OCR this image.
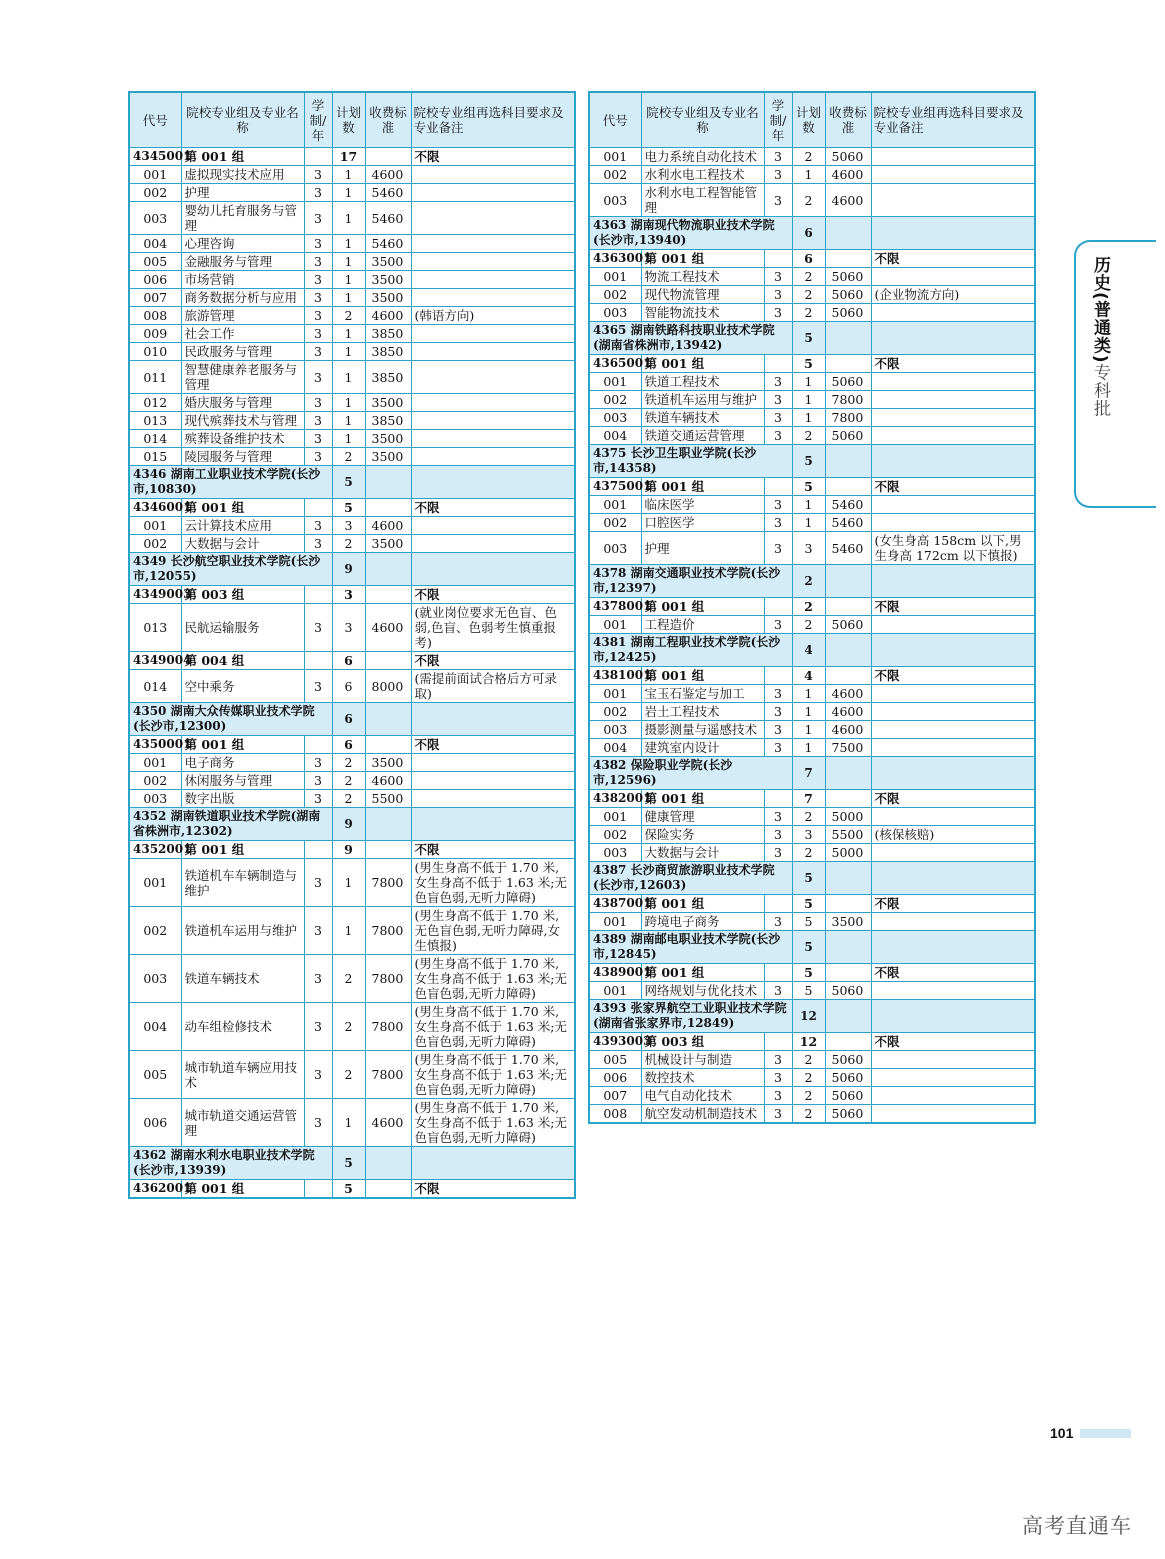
代号	院校专业组及专业名称	学制/年	计划数	收费标准	院校专业组再选科目要求及专业备注
4345001	第 001 组		17		不限
001	虚拟现实技术应用	3	1	4600	
002	护理	3	1	5460	
003	婴幼儿托育服务与管理	3	1	5460	
004	心理咨询	3	1	5460	
005	金融服务与管理	3	1	3500	
006	市场营销	3	1	3500	
007	商务数据分析与应用	3	1	3500	
008	旅游管理	3	2	4600	(韩语方向)
009	社会工作	3	1	3850	
010	民政服务与管理	3	1	3850	
011	智慧健康养老服务与管理	3	1	3850	
012	婚庆服务与管理	3	1	3500	
013	现代殡葬技术与管理	3	1	3850	
014	殡葬设备维护技术	3	1	3500	
015	陵园服务与管理	3	2	3500	
4346 湖南工业职业技术学院(长沙市,10830)			5		
4346001	第 001 组		5		不限
001	云计算技术应用	3	3	4600	
002	大数据与会计	3	2	3500	
4349 长沙航空职业技术学院(长沙市,12055)			9		
4349003	第 003 组		3		不限
013	民航运输服务	3	3	4600	(就业岗位要求无色盲、色弱,色盲、色弱考生慎重报考)
4349004	第 004 组		6		不限
014	空中乘务	3	6	8000	(需提前面试合格后方可录取)
4350 湖南大众传媒职业技术学院(长沙市,12300)			6		
4350001	第 001 组		6		不限
001	电子商务	3	2	3500	
002	休闲服务与管理	3	2	4600	
003	数字出版	3	2	5500	
4352 湖南铁道职业技术学院(湖南省株洲市,12302)			9		
4352001	第 001 组		9		不限
001	铁道机车车辆制造与维护	3	1	7800	(男生身高不低于 1.70 米,女生身高不低于 1.63 米;无色盲色弱,无听力障碍)
002	铁道机车运用与维护	3	1	7800	(男生身高不低于 1.70 米,无色盲色弱,无听力障碍,女生慎报)
003	铁道车辆技术	3	2	7800	(男生身高不低于 1.70 米,女生身高不低于 1.63 米;无色盲色弱,无听力障碍)
004	动车组检修技术	3	2	7800	(男生身高不低于 1.70 米,女生身高不低于 1.63 米;无色盲色弱,无听力障碍)
005	城市轨道车辆应用技术	3	2	7800	(男生身高不低于 1.70 米,女生身高不低于 1.63 米;无色盲色弱,无听力障碍)
006	城市轨道交通运营管理	3	1	4600	(男生身高不低于 1.70 米,女生身高不低于 1.63 米;无色盲色弱,无听力障碍)
4362 湖南水利水电职业技术学院(长沙市,13939)			5		
4362001	第 001 组		5		不限
代号	院校专业组及专业名称	学制/年	计划数	收费标准	院校专业组再选科目要求及专业备注
001	电力系统自动化技术	3	2	5060	
002	水利水电工程技术	3	1	4600	
003	水利水电工程智能管理	3	2	4600	
4363 湖南现代物流职业技术学院(长沙市,13940)			6		
4363001	第 001 组		6		不限
001	物流工程技术	3	2	5060	
002	现代物流管理	3	2	5060	(企业物流方向)
003	智能物流技术	3	2	5060	
4365 湖南铁路科技职业技术学院(湖南省株洲市,13942)			5		
4365001	第 001 组		5		不限
001	铁道工程技术	3	1	5060	
002	铁道机车运用与维护	3	1	7800	
003	铁道车辆技术	3	1	7800	
004	铁道交通运营管理	3	2	5060	
4375 长沙卫生职业学院(长沙市,14358)			5		
4375001	第 001 组		5		不限
001	临床医学	3	1	5460	
002	口腔医学	3	1	5460	
003	护理	3	3	5460	(女生身高 158cm 以下,男生身高 172cm 以下慎报)
4378 湖南交通职业技术学院(长沙市,12397)			2		
4378001	第 001 组		2		不限
001	工程造价	3	2	5060	
4381 湖南工程职业技术学院(长沙市,12425)			4		
4381001	第 001 组		4		不限
001	宝玉石鉴定与加工	3	1	4600	
002	岩土工程技术	3	1	4600	
003	摄影测量与遥感技术	3	1	4600	
004	建筑室内设计	3	1	7500	
4382 保险职业学院(长沙市,12596)			7		
4382001	第 001 组		7		不限
001	健康管理	3	2	5000	
002	保险实务	3	3	5500	(核保核赔)
003	大数据与会计	3	2	5000	
4387 长沙商贸旅游职业技术学院(长沙市,12603)			5		
4387001	第 001 组		5		不限
001	跨境电子商务	3	5	3500	
4389 湖南邮电职业技术学院(长沙市,12845)			5		
4389001	第 001 组		5		不限
001	网络规划与优化技术	3	5	5060	
4393 张家界航空工业职业技术学院(湖南省张家界市,12849)			12		
4393003	第 003 组		12		不限
005	机械设计与制造	3	2	5060	
006	数控技术	3	2	5060	
007	电气自动化技术	3	2	5060	
008	航空发动机制造技术	3	2	5060	
历史(普通类)专科批
101
高考直通车
